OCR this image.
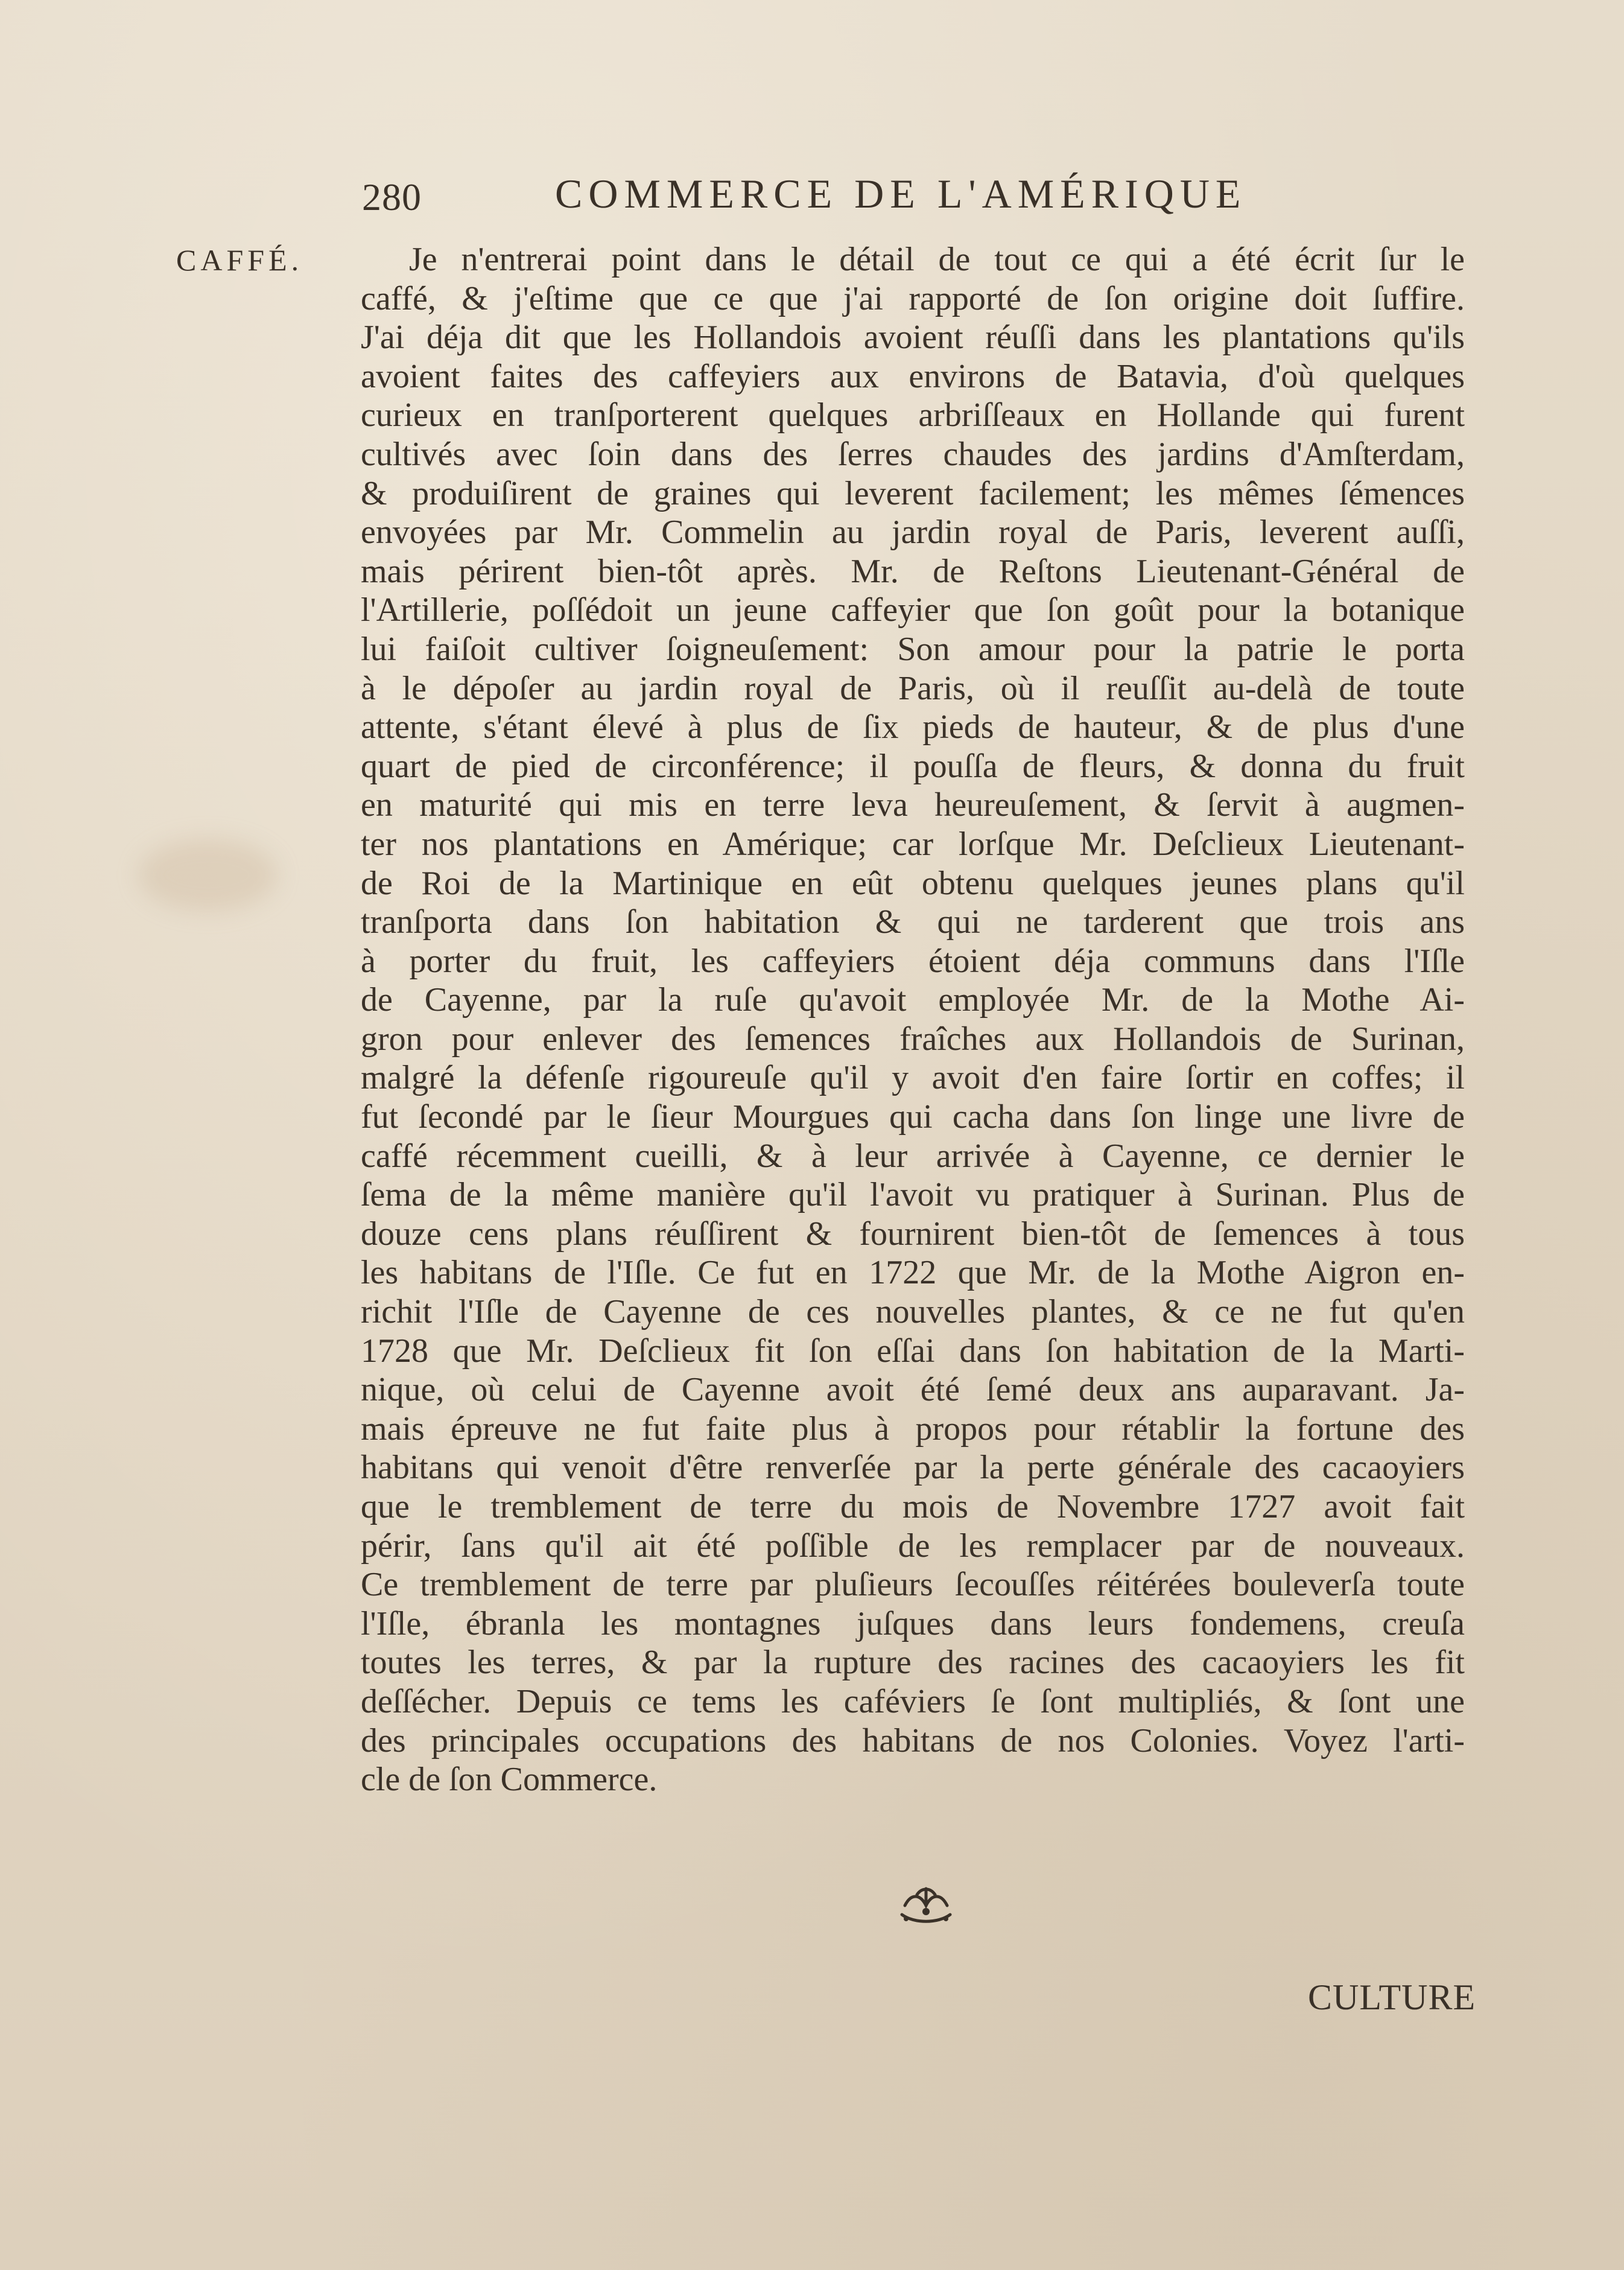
280	COMMERCE DE L'AMÉRIQUE
CAFFÉ.	Je n'entrerai point dans le détail de tout ce qui a été écrit ſur le
caffé, & j'eſtime que ce que j'ai rapporté de ſon origine doit ſuffire.
J'ai déja dit que les Hollandois avoient réuſſi dans les plantations qu'ils
avoient faites des caffeyiers aux environs de Batavia, d'où quelques
curieux en tranſporterent quelques arbriſſeaux en Hollande qui furent
cultivés avec ſoin dans des ſerres chaudes des jardins d'Amſterdam,
& produiſirent de graines qui leverent facilement; les mêmes ſémences
envoyées par Mr. Commelin au jardin royal de Paris, leverent auſſi,
mais périrent bien-tôt après. Mr. de Reſtons Lieutenant-Général de
l'Artillerie, poſſédoit un jeune caffeyier que ſon goût pour la botanique
lui faiſoit cultiver ſoigneuſement: Son amour pour la patrie le porta
à le dépoſer au jardin royal de Paris, où il reuſſit au-delà de toute
attente, s'étant élevé à plus de ſix pieds de hauteur, & de plus d'une
quart de pied de circonférence; il pouſſa de fleurs, & donna du fruit
en maturité qui mis en terre leva heureuſement, & ſervit à augmen-
ter nos plantations en Amérique; car lorſque Mr. Deſclieux Lieutenant-
de Roi de la Martinique en eût obtenu quelques jeunes plans qu'il
tranſporta dans ſon habitation & qui ne tarderent que trois ans
à porter du fruit, les caffeyiers étoient déja communs dans l'Iſle
de Cayenne, par la ruſe qu'avoit employée Mr. de la Mothe Ai-
gron pour enlever des ſemences fraîches aux Hollandois de Surinan,
malgré la défenſe rigoureuſe qu'il y avoit d'en faire ſortir en coffes; il
fut ſecondé par le ſieur Mourgues qui cacha dans ſon linge une livre de
caffé récemment cueilli, & à leur arrivée à Cayenne, ce dernier le
ſema de la même manière qu'il l'avoit vu pratiquer à Surinan. Plus de
douze cens plans réuſſirent & fournirent bien-tôt de ſemences à tous
les habitans de l'Iſle. Ce fut en 1722 que Mr. de la Mothe Aigron en-
richit l'Iſle de Cayenne de ces nouvelles plantes, & ce ne fut qu'en
1728 que Mr. Deſclieux fit ſon eſſai dans ſon habitation de la Marti-
nique, où celui de Cayenne avoit été ſemé deux ans auparavant. Ja-
mais épreuve ne fut faite plus à propos pour rétablir la fortune des
habitans qui venoit d'être renverſée par la perte générale des cacaoyiers
que le tremblement de terre du mois de Novembre 1727 avoit fait
périr, ſans qu'il ait été poſſible de les remplacer par de nouveaux.
Ce tremblement de terre par pluſieurs ſecouſſes réitérées bouleverſa toute
l'Iſle, ébranla les montagnes juſques dans leurs fondemens, creuſa
toutes les terres, & par la rupture des racines des cacaoyiers les fit
deſſécher. Depuis ce tems les caféviers ſe ſont multipliés, & ſont une
des principales occupations des habitans de nos Colonies. Voyez l'arti-
cle de ſon Commerce.
CULTURE
